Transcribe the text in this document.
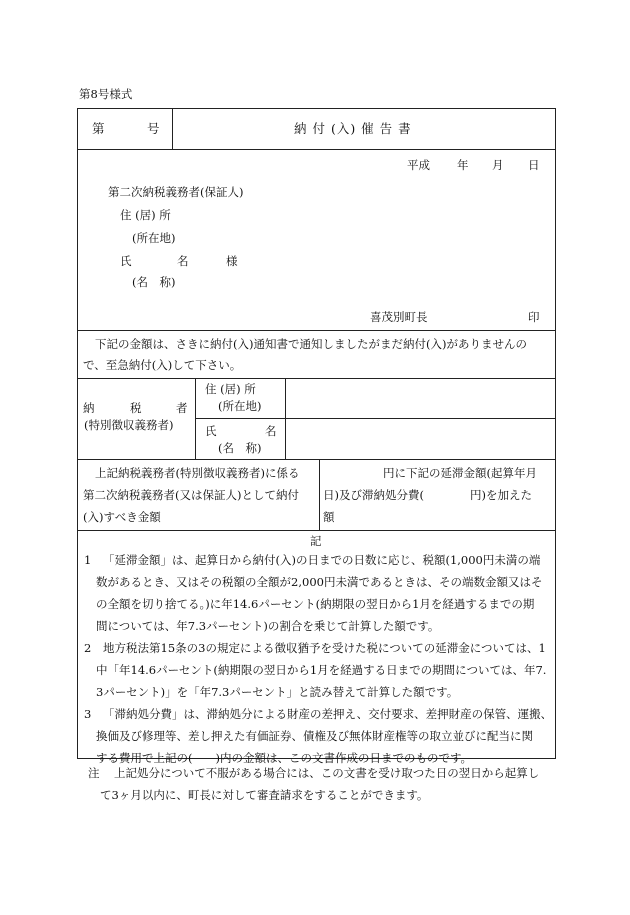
第8号様式
第	号	納 付 (入) 催 告 書
平成 年 月 日
第二次納税義務者(保証人)
住 (居) 所
(所在地)
氏	名	様
(名　称)
喜茂別町長	印
下記の金額は、さきに納付(入)通知書で通知しましたがまだ納付(入)がありませんの
で、至急納付(入)して下さい。
納	税	者
(特別徴収義務者)
住 (居) 所
(所在地)
氏	名
(名　称)
上記納税義務者(特別徴収義務者)に係る
第二次納税義務者(又は保証人)として納付
(入)すべき金額
円に下記の延滞金額(起算年月
日)及び滞納処分費(　　　　円)を加えた
額
記
1 「延滞金額」は、起算日から納付(入)の日までの日数に応じ、税額(1,000円未満の端
数があるとき、又はその税額の全額が2,000円未満であるときは、その端数金額又はそ
の全額を切り捨てる。)に年14.6パーセント(納期限の翌日から1月を経過するまでの期
間については、年7.3パーセント)の割合を乗じて計算した額です。
2 地方税法第15条の3の規定による徴収猶予を受けた税についての延滞金については、1
中「年14.6パーセント(納期限の翌日から1月を経過する日までの期間については、年7.
3パーセント)」を「年7.3パーセント」と読み替えて計算した額です。
3 「滞納処分費」は、滞納処分による財産の差押え、交付要求、差押財産の保管、運搬、
換価及び修理等、差し押えた有価証券、債権及び無体財産権等の取立並びに配当に関
する費用で上記の(　　)内の金額は、この文書作成の日までのものです。
注 上記処分について不服がある場合には、この文書を受け取つた日の翌日から起算し
て3ヶ月以内に、町長に対して審査請求をすることができます。
